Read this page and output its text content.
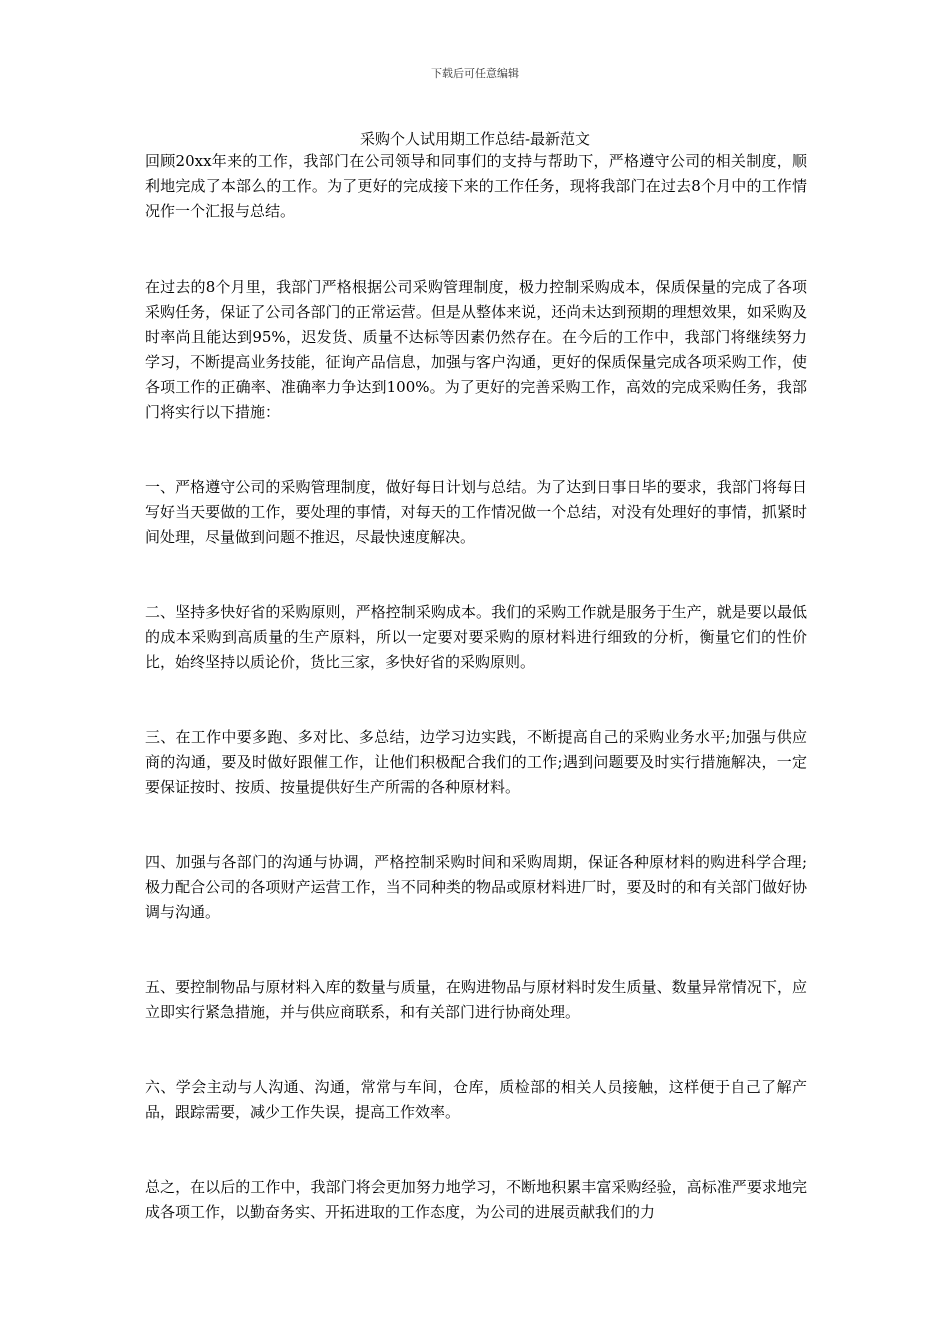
下载后可任意编辑
采购个人试用期工作总结-最新范文

回顾20xx年来的工作，我部门在公司领导和同事们的支持与帮助下，严格遵守公司的相关制度，顺利地完成了本部么的工作。为了更好的完成接下来的工作任务，现将我部门在过去8个月中的工作情况作一个汇报与总结。

在过去的8个月里，我部门严格根据公司采购管理制度，极力控制采购成本，保质保量的完成了各项采购任务，保证了公司各部门的正常运营。但是从整体来说，还尚未达到预期的理想效果，如采购及时率尚且能达到95%，迟发货、质量不达标等因素仍然存在。在今后的工作中，我部门将继续努力学习，不断提高业务技能，征询产品信息，加强与客户沟通，更好的保质保量完成各项采购工作，使各项工作的正确率、准确率力争达到100%。为了更好的完善采购工作，高效的完成采购任务，我部门将实行以下措施：

一、严格遵守公司的采购管理制度，做好每日计划与总结。为了达到日事日毕的要求，我部门将每日写好当天要做的工作，要处理的事情，对每天的工作情况做一个总结，对没有处理好的事情，抓紧时间处理，尽量做到问题不推迟，尽最快速度解决。

二、坚持多快好省的采购原则，严格控制采购成本。我们的采购工作就是服务于生产，就是要以最低的成本采购到高质量的生产原料，所以一定要对要采购的原材料进行细致的分析，衡量它们的性价比，始终坚持以质论价，货比三家，多快好省的采购原则。

三、在工作中要多跑、多对比、多总结，边学习边实践，不断提高自己的采购业务水平;加强与供应商的沟通，要及时做好跟催工作，让他们积极配合我们的工作;遇到问题要及时实行措施解决，一定要保证按时、按质、按量提供好生产所需的各种原材料。

四、加强与各部门的沟通与协调，严格控制采购时间和采购周期，保证各种原材料的购进科学合理;极力配合公司的各项财产运营工作，当不同种类的物品或原材料进厂时，要及时的和有关部门做好协调与沟通。

五、要控制物品与原材料入库的数量与质量，在购进物品与原材料时发生质量、数量异常情况下，应立即实行紧急措施，并与供应商联系，和有关部门进行协商处理。

六、学会主动与人沟通、沟通，常常与车间，仓库，质检部的相关人员接触，这样便于自己了解产品，跟踪需要，减少工作失误，提高工作效率。

总之，在以后的工作中，我部门将会更加努力地学习，不断地积累丰富采购经验，高标准严要求地完成各项工作，以勤奋务实、开拓进取的工作态度，为公司的进展贡献我们的力
